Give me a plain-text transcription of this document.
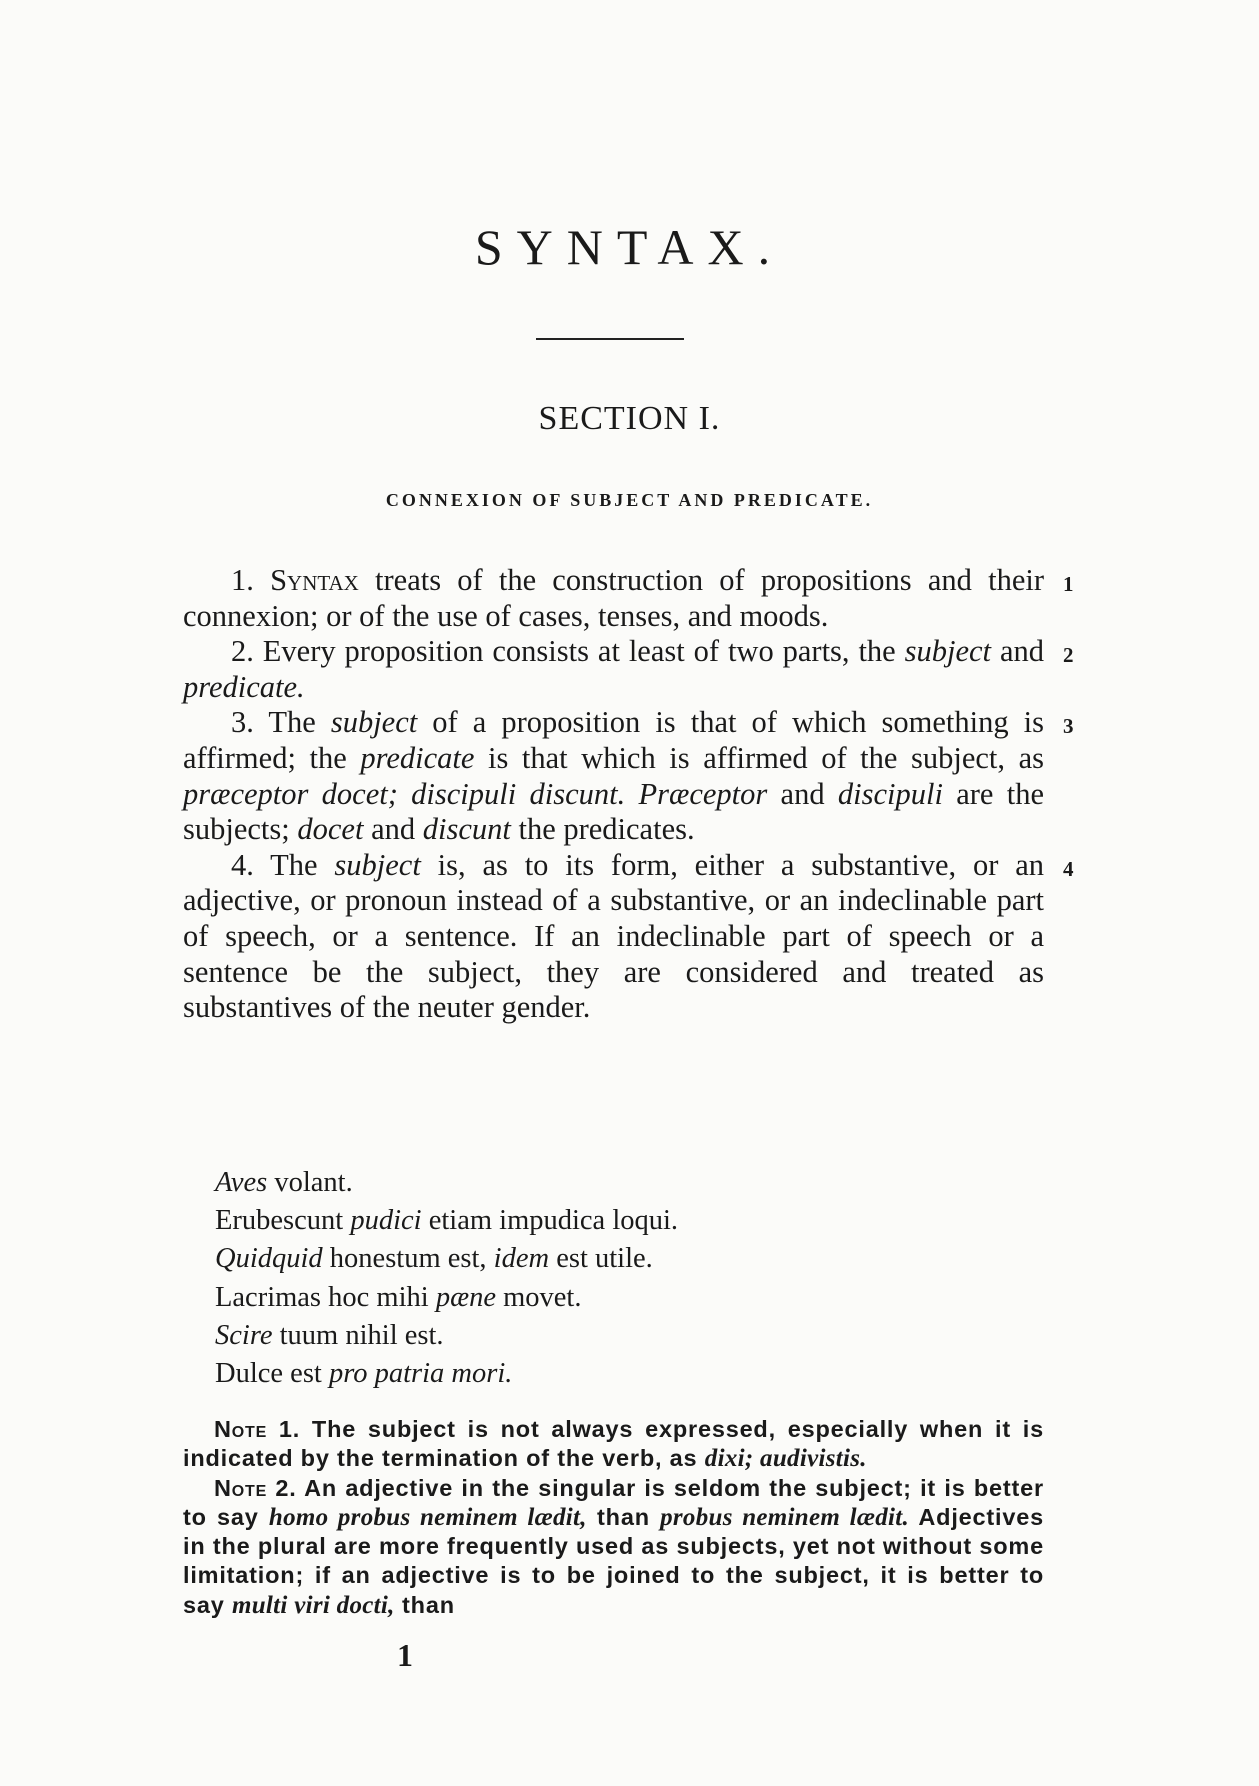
SYNTAX.
SECTION I.
CONNEXION OF SUBJECT AND PREDICATE.

1. Syntax treats of the construction of propositions and their connexion; or of the use of cases, tenses, and moods.
1

2. Every proposition consists at least of two parts, the subject and predicate.
2

3. The subject of a proposition is that of which something is affirmed; the predicate is that which is affirmed of the subject, as præceptor docet; discipuli discunt. Præceptor and discipuli are the subjects; docet and discunt the predicates.
3

4. The subject is, as to its form, either a substantive, or an adjective, or pronoun instead of a substantive, or an indeclinable part of speech, or a sentence. If an indeclinable part of speech or a sentence be the subject, they are considered and treated as substantives of the neuter gender.
4

Aves volant.
Erubescunt pudici etiam impudica loqui.
Quidquid honestum est, idem est utile.
Lacrimas hoc mihi pæne movet.
Scire tuum nihil est.
Dulce est pro patria mori.

Note 1. The subject is not always expressed, especially when it is indicated by the termination of the verb, as dixi; audivistis.

Note 2. An adjective in the singular is seldom the subject; it is better to say homo probus neminem lædit, than probus neminem lædit. Adjectives in the plural are more frequently used as subjects, yet not without some limitation; if an adjective is to be joined to the subject, it is better to say multi viri docti, than

1
